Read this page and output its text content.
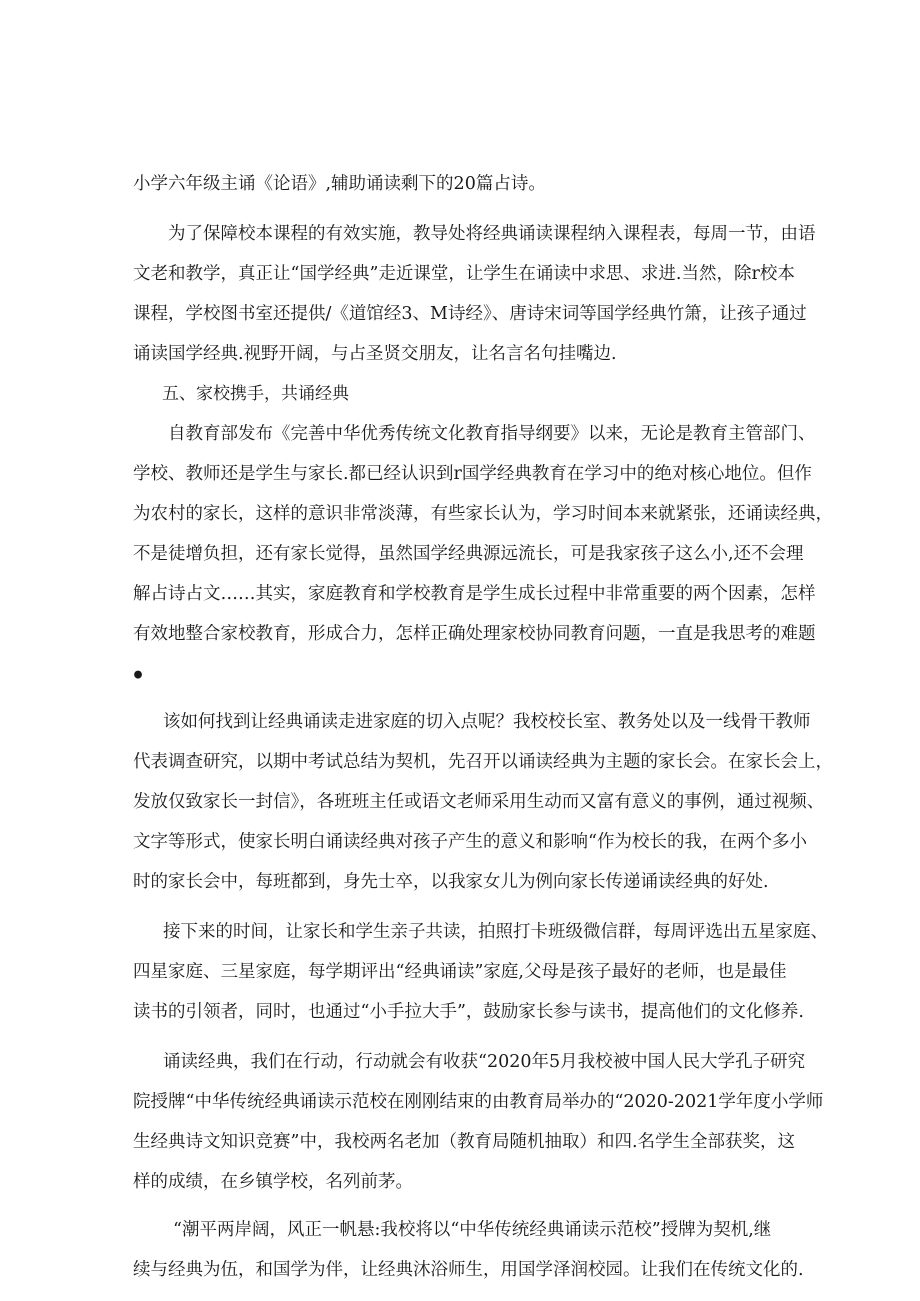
小学六年级主诵《论语》,辅助诵读剩下的20篇占诗。
为了保障校本课程的有效实施，教导处将经典诵读课程纳入课程表，每周一节，由语
文老和教学，真正让“国学经典”走近课堂，让学生在诵读中求思、求进.当然，除r校本
课程，学校图书室还提供/《道馆经3、M诗经》、唐诗宋词等国学经典竹箫，让孩子通过
诵读国学经典.视野开阔，与占圣贤交朋友，让名言名句挂嘴边.
五、家校携手，共诵经典
自教育部发布《完善中华优秀传统文化教育指导纲要》以来，无论是教育主管部门、
学校、教师还是学生与家长.都已经认识到r国学经典教育在学习中的绝对核心地位。但作
为农村的家长，这样的意识非常淡薄，有些家长认为，学习时间本来就紧张，还诵读经典，
不是徒增负担，还有家长觉得，虽然国学经典源远流长，可是我家孩子这么小,还不会理
解占诗占文……其实，家庭教育和学校教育是学生成长过程中非常重要的两个因素，怎样
有效地整合家校教育，形成合力，怎样正确处理家校协同教育问题，一直是我思考的难题
•
该如何找到让经典诵读走进家庭的切入点呢？我校校长室、教务处以及一线骨干教师
代表调查研究，以期中考试总结为契机，先召开以诵读经典为主题的家长会。在家长会上，
发放仅致家长一封信》，各班班主任或语文老师采用生动而又富有意义的事例，通过视频、
文字等形式，使家长明白诵读经典对孩子产生的意义和影响“作为校长的我，在两个多小
时的家长会中，每班都到，身先士卒，以我家女儿为例向家长传递诵读经典的好处.
接下来的时间，让家长和学生亲子共读，拍照打卡班级微信群，每周评选出五星家庭、
四星家庭、三星家庭，每学期评出“经典诵读”家庭,父母是孩子最好的老师，也是最佳
读书的引领者，同时，也通过“小手拉大手”，鼓励家长参与读书，提高他们的文化修养.
诵读经典，我们在行动，行动就会有收获“2020年5月我校被中国人民大学孔子研究
院授牌“中华传统经典诵读示范校在刚刚结束的由教育局举办的“2020-2021学年度小学师
生经典诗文知识竞赛”中，我校两名老加（教育局随机抽取）和四.名学生全部获奖，这
样的成绩，在乡镇学校，名列前茅。
“潮平两岸阔，风正一帆悬:我校将以“中华传统经典诵读示范校”授牌为契机,继
续与经典为伍，和国学为伴，让经典沐浴师生，用国学泽润校园。让我们在传统文化的.
